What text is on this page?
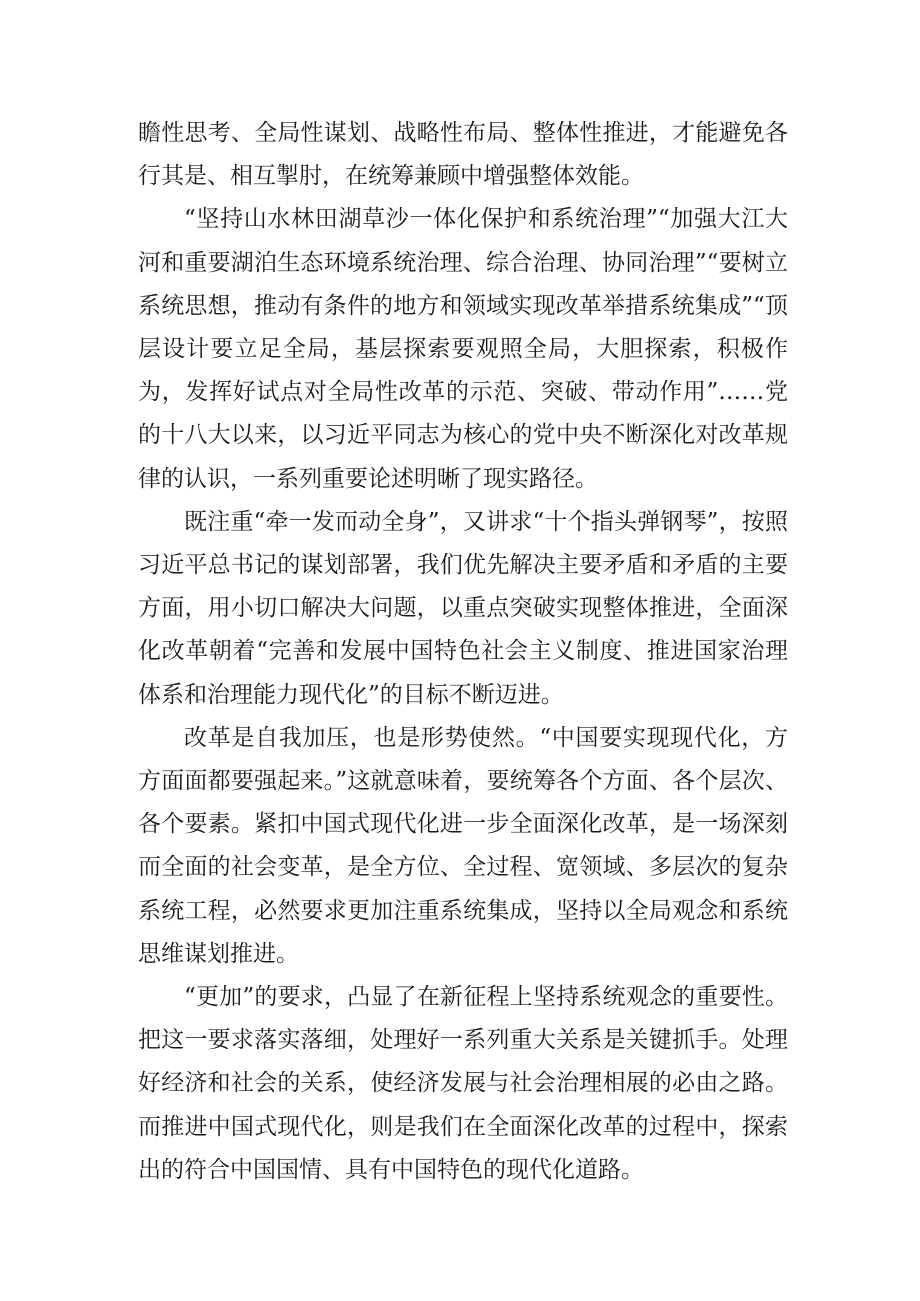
瞻性思考、全局性谋划、战略性布局、整体性推进，才能避免各行其是、相互掣肘，在统筹兼顾中增强整体效能。

“坚持山水林田湖草沙一体化保护和系统治理”“加强大江大河和重要湖泊生态环境系统治理、综合治理、协同治理”“要树立系统思想，推动有条件的地方和领域实现改革举措系统集成”“顶层设计要立足全局，基层探索要观照全局，大胆探索，积极作为，发挥好试点对全局性改革的示范、突破、带动作用”……党的十八大以来，以习近平同志为核心的党中央不断深化对改革规律的认识，一系列重要论述明晰了现实路径。

既注重“牵一发而动全身”，又讲求“十个指头弹钢琴”，按照习近平总书记的谋划部署，我们优先解决主要矛盾和矛盾的主要方面，用小切口解决大问题，以重点突破实现整体推进，全面深化改革朝着“完善和发展中国特色社会主义制度、推进国家治理体系和治理能力现代化”的目标不断迈进。

改革是自我加压，也是形势使然。“中国要实现现代化，方方面面都要强起来。”这就意味着，要统筹各个方面、各个层次、各个要素。紧扣中国式现代化进一步全面深化改革，是一场深刻而全面的社会变革，是全方位、全过程、宽领域、多层次的复杂系统工程，必然要求更加注重系统集成，坚持以全局观念和系统思维谋划推进。

“更加”的要求，凸显了在新征程上坚持系统观念的重要性。把这一要求落实落细，处理好一系列重大关系是关键抓手。处理好经济和社会的关系，使经济发展与社会治理相展的必由之路。而推进中国式现代化，则是我们在全面深化改革的过程中，探索出的符合中国国情、具有中国特色的现代化道路。
